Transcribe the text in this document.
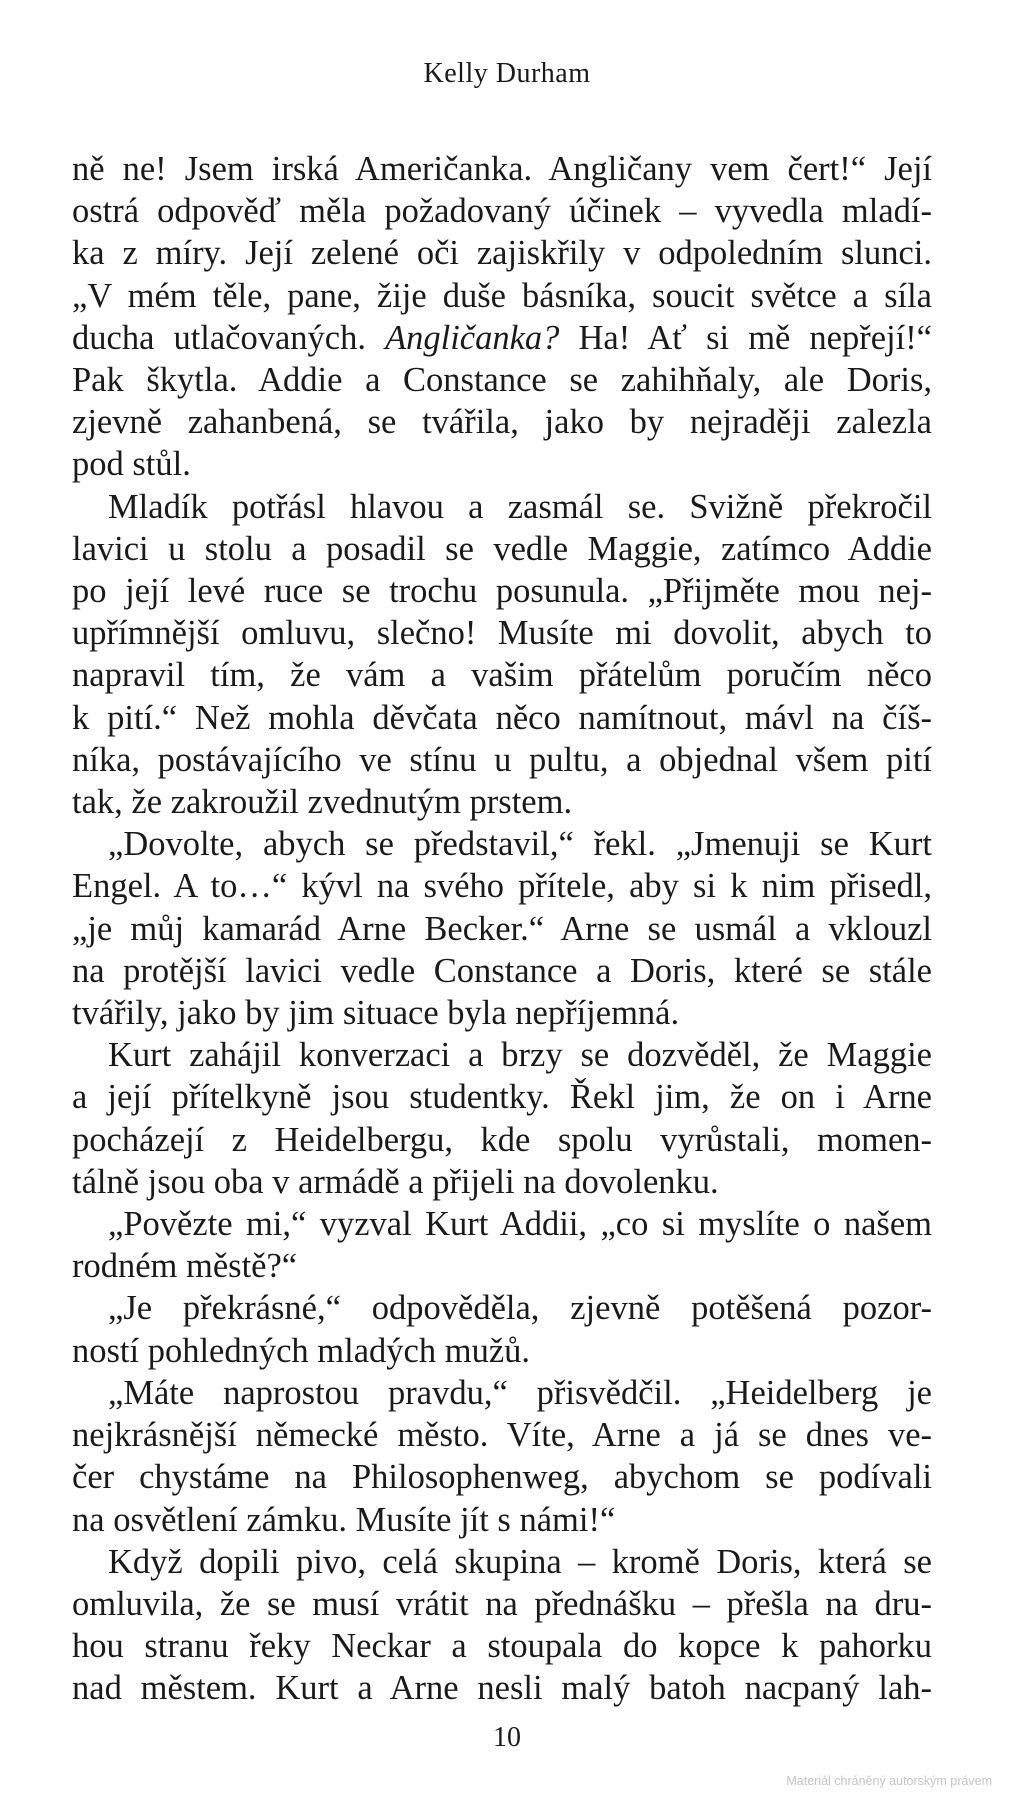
Kelly Durham

ně ne! Jsem irská Američanka. Angličany vem čert!“ Její
ostrá odpověď měla požadovaný účinek – vyvedla mladí-
ka z míry. Její zelené oči zajiskřily v odpoledním slunci.
„V mém těle, pane, žije duše básníka, soucit světce a síla
ducha utlačovaných. Angličanka? Ha! Ať si mě nepřejí!“
Pak škytla. Addie a Constance se zahihňaly, ale Doris,
zjevně zahanbená, se tvářila, jako by nejraději zalezla
pod stůl.

Mladík potřásl hlavou a zasmál se. Svižně překročil
lavici u stolu a posadil se vedle Maggie, zatímco Addie
po její levé ruce se trochu posunula. „Přijměte mou nej-
upřímnější omluvu, slečno! Musíte mi dovolit, abych to
napravil tím, že vám a vašim přátelům poručím něco
k pití.“ Než mohla děvčata něco namítnout, mávl na číš-
níka, postávajícího ve stínu u pultu, a objednal všem pití
tak, že zakroužil zvednutým prstem.

„Dovolte, abych se představil,“ řekl. „Jmenuji se Kurt
Engel. A to…“ kývl na svého přítele, aby si k nim přisedl,
„je můj kamarád Arne Becker.“ Arne se usmál a vklouzl
na protější lavici vedle Constance a Doris, které se stále
tvářily, jako by jim situace byla nepříjemná.

Kurt zahájil konverzaci a brzy se dozvěděl, že Maggie
a její přítelkyně jsou studentky. Řekl jim, že on i Arne
pocházejí z Heidelbergu, kde spolu vyrůstali, momen-
tálně jsou oba v armádě a přijeli na dovolenku.

„Povězte mi,“ vyzval Kurt Addii, „co si myslíte o našem
rodném městě?“

„Je překrásné,“ odpověděla, zjevně potěšená pozor-
ností pohledných mladých mužů.

„Máte naprostou pravdu,“ přisvědčil. „Heidelberg je
nejkrásnější německé město. Víte, Arne a já se dnes ve-
čer chystáme na Philosophenweg, abychom se podívali
na osvětlení zámku. Musíte jít s námi!“

Když dopili pivo, celá skupina – kromě Doris, která se
omluvila, že se musí vrátit na přednášku – přešla na dru-
hou stranu řeky Neckar a stoupala do kopce k pahorku
nad městem. Kurt a Arne nesli malý batoh nacpaný lah-

10
Materiál chráněný autorským právem
